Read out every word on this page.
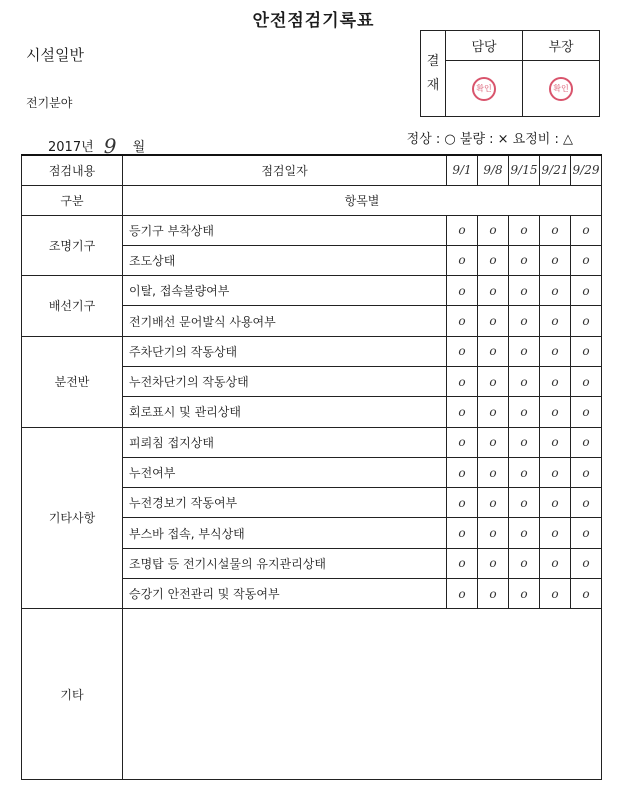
안전점검기록표
시설일반
전기분야
2017년 9 월
정상 : ○ 불량 : × 요정비 : △
결
재	담당	부장
	확인	확인
점검내용	점검일자	9/1	9/8	9/15	9/21	9/29
구분	항목별					
조명기구	등기구 부착상태	o	o	o	o	o
	조도상태	o	o	o	o	o
배선기구	이탈, 접속불량여부	o	o	o	o	o
	전기배선 문어발식 사용여부	o	o	o	o	o
분전반	주차단기의 작동상태	o	o	o	o	o
	누전차단기의 작동상태	o	o	o	o	o
	회로표시 및 관리상태	o	o	o	o	o
기타사항	피뢰침 접지상태	o	o	o	o	o
	누전여부	o	o	o	o	o
	누전경보기 작동여부	o	o	o	o	o
	부스바 접속, 부식상태	o	o	o	o	o
	조명탑 등 전기시설물의 유지관리상태	o	o	o	o	o
	승강기 안전관리 및 작동여부	o	o	o	o	o
기타						
